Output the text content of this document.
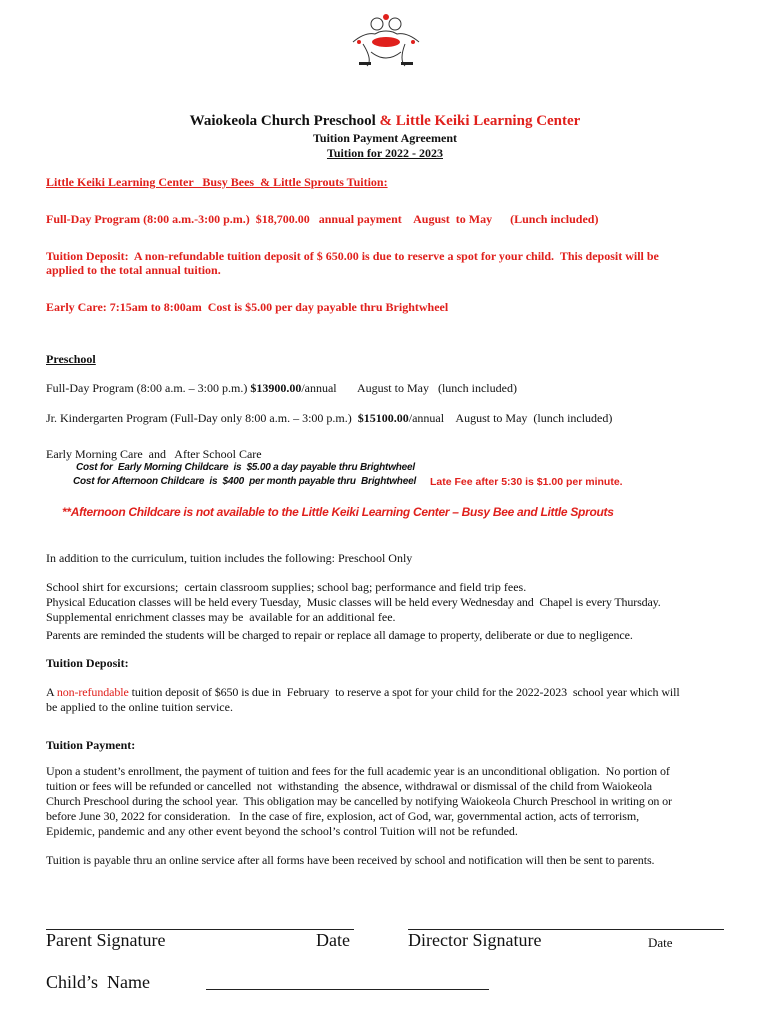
Waiokeola Church Preschool & Little Keiki Learning Center
Tuition Payment Agreement
Tuition for 2022 - 2023
Little Keiki Learning Center   Busy Bees  & Little Sprouts Tuition:
Full-Day Program (8:00 a.m.-3:00 p.m.)  $18,700.00   annual payment    August  to May      (Lunch included)
Tuition Deposit:  A non-refundable tuition deposit of $ 650.00 is due to reserve a spot for your child.  This deposit will be
applied to the total annual tuition.
Early Care: 7:15am to 8:00am  Cost is $5.00 per day payable thru Brightwheel
Preschool
Full-Day Program (8:00 a.m. – 3:00 p.m.) $13900.00/annual       August to May   (lunch included)
Jr. Kindergarten Program (Full-Day only 8:00 a.m. – 3:00 p.m.)  $15100.00/annual    August to May  (lunch included)
Early Morning Care  and   After School Care
Cost for  Early Morning Childcare  is  $5.00 a day payable thru Brightwheel
Cost for Afternoon Childcare  is  $400  per month payable thru  Brightwheel Late Fee after 5:30 is $1.00 per minute.
**Afternoon Childcare is not available to the Little Keiki Learning Center – Busy Bee and Little Sprouts
In addition to the curriculum, tuition includes the following: Preschool Only
School shirt for excursions;  certain classroom supplies; school bag; performance and field trip fees.
Physical Education classes will be held every Tuesday,  Music classes will be held every Wednesday and  Chapel is every Thursday.
Supplemental enrichment classes may be  available for an additional fee.
Parents are reminded the students will be charged to repair or replace all damage to property, deliberate or due to negligence.
Tuition Deposit:
A non-refundable tuition deposit of $650 is due in  February  to reserve a spot for your child for the 2022-2023  school year which will
be applied to the online tuition service.
Tuition Payment:
Upon a student’s enrollment, the payment of tuition and fees for the full academic year is an unconditional obligation.  No portion of
tuition or fees will be refunded or cancelled  not  withstanding  the absence, withdrawal or dismissal of the child from Waiokeola
Church Preschool during the school year.  This obligation may be cancelled by notifying Waiokeola Church Preschool in writing on or
before June 30, 2022 for consideration.   In the case of fire, explosion, act of God, war, governmental action, acts of terrorism,
Epidemic, pandemic and any other event beyond the school’s control Tuition will not be refunded.
Tuition is payable thru an online service after all forms have been received by school and notification will then be sent to parents.
Parent Signature	Date	Director Signature	Date
Child’s  Name
